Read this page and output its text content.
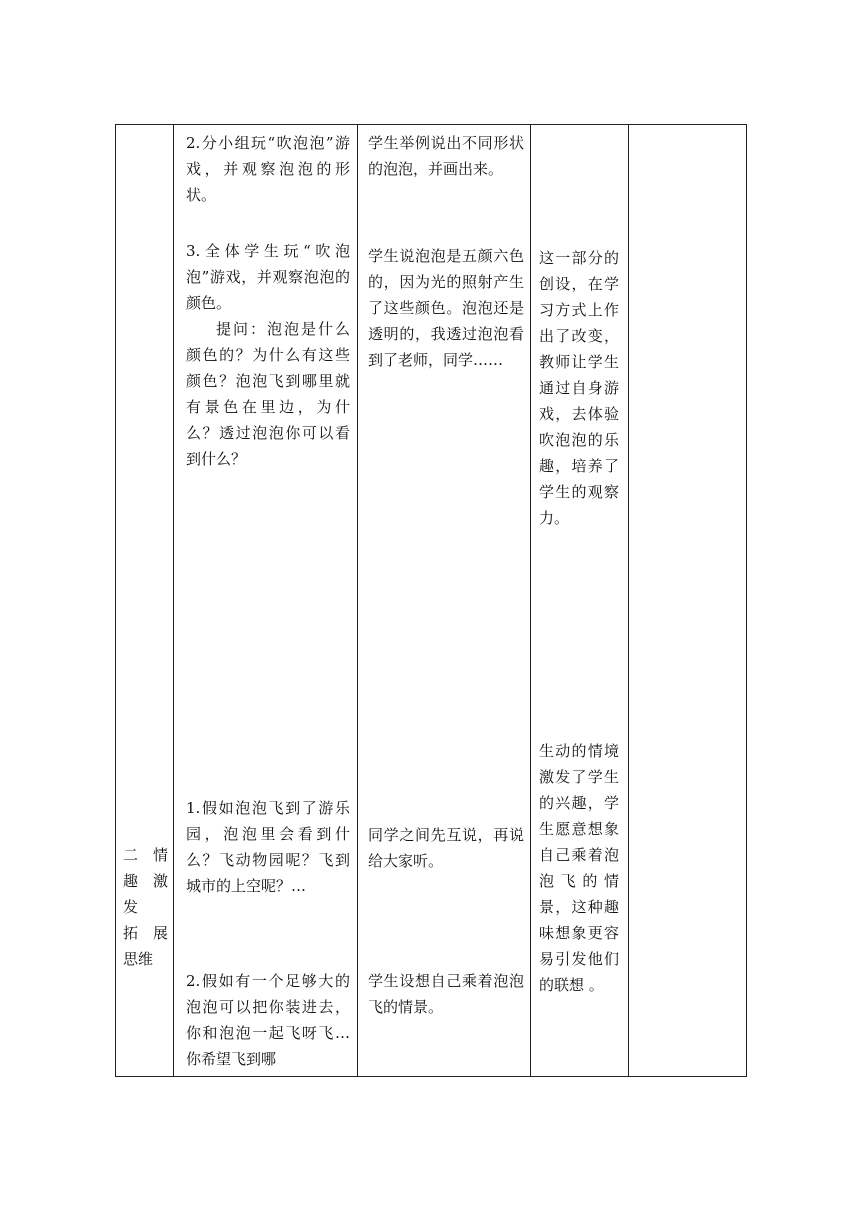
二 情
趣 激
发
拓 展
思维

2.分小组玩“吹泡泡”游戏，并观察泡泡的形状。

3.全体学生玩“吹泡泡”游戏，并观察泡泡的颜色。

提问：泡泡是什么颜色的？为什么有这些颜色？泡泡飞到哪里就有景色在里边，为什么？透过泡泡你可以看到什么？

1.假如泡泡飞到了游乐园，泡泡里会看到什么？飞动物园呢？飞到城市的上空呢？…

2.假如有一个足够大的泡泡可以把你装进去，你和泡泡一起飞呀飞…你希望飞到哪

学生举例说出不同形状的泡泡，并画出来。

学生说泡泡是五颜六色的，因为光的照射产生了这些颜色。泡泡还是透明的，我透过泡泡看到了老师，同学……

同学之间先互说，再说给大家听。

学生设想自己乘着泡泡飞的情景。

这一部分的创设，在学习方式上作出了改变，教师让学生通过自身游戏，去体验吹泡泡的乐趣，培养了学生的观察力。

生动的情境激发了学生的兴趣，学生愿意想象自己乘着泡泡飞的情景，这种趣味想象更容易引发他们的联想 。
